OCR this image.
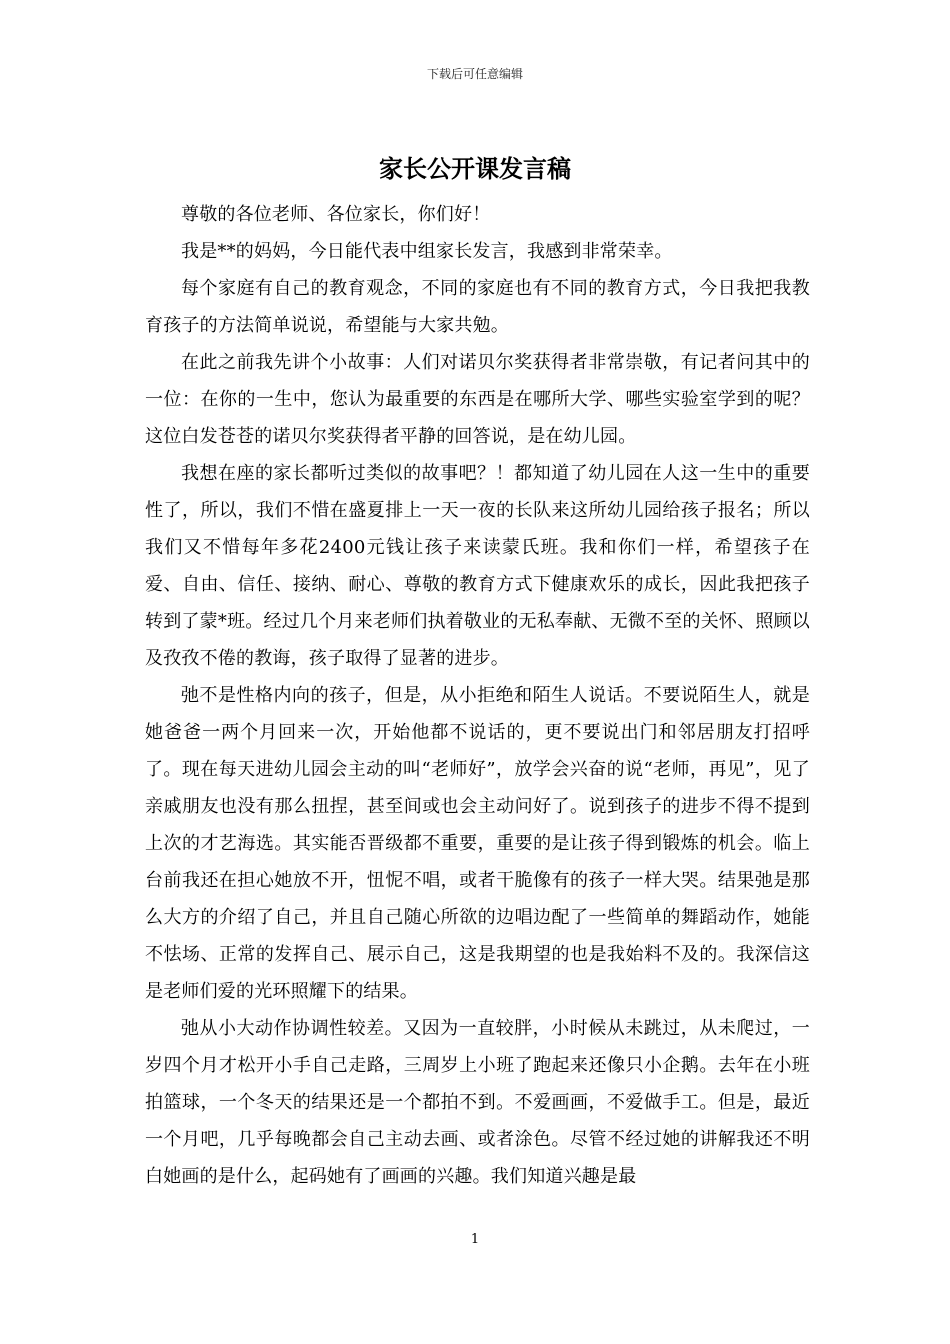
下载后可任意编辑
家长公开课发言稿

尊敬的各位老师、各位家长，你们好！

我是**的妈妈，今日能代表中组家长发言，我感到非常荣幸。

每个家庭有自己的教育观念，不同的家庭也有不同的教育方式，今日我把我教育孩子的方法简单说说，希望能与大家共勉。

在此之前我先讲个小故事：人们对诺贝尔奖获得者非常崇敬，有记者问其中的一位：在你的一生中，您认为最重要的东西是在哪所大学、哪些实验室学到的呢？这位白发苍苍的诺贝尔奖获得者平静的回答说，是在幼儿园。

我想在座的家长都听过类似的故事吧？！都知道了幼儿园在人这一生中的重要性了，所以，我们不惜在盛夏排上一天一夜的长队来这所幼儿园给孩子报名；所以我们又不惜每年多花2400元钱让孩子来读蒙氏班。我和你们一样，希望孩子在爱、自由、信任、接纳、耐心、尊敬的教育方式下健康欢乐的成长，因此我把孩子转到了蒙*班。经过几个月来老师们执着敬业的无私奉献、无微不至的关怀、照顾以及孜孜不倦的教诲，孩子取得了显著的进步。

弛不是性格内向的孩子，但是，从小拒绝和陌生人说话。不要说陌生人，就是她爸爸一两个月回来一次，开始他都不说话的，更不要说出门和邻居朋友打招呼了。现在每天进幼儿园会主动的叫“老师好”，放学会兴奋的说“老师，再见”，见了亲戚朋友也没有那么扭捏，甚至间或也会主动问好了。说到孩子的进步不得不提到上次的才艺海选。其实能否晋级都不重要，重要的是让孩子得到锻炼的机会。临上台前我还在担心她放不开，忸怩不唱，或者干脆像有的孩子一样大哭。结果弛是那么大方的介绍了自己，并且自己随心所欲的边唱边配了一些简单的舞蹈动作，她能不怯场、正常的发挥自己、展示自己，这是我期望的也是我始料不及的。我深信这是老师们爱的光环照耀下的结果。

弛从小大动作协调性较差。又因为一直较胖，小时候从未跳过，从未爬过，一岁四个月才松开小手自己走路，三周岁上小班了跑起来还像只小企鹅。去年在小班拍篮球，一个冬天的结果还是一个都拍不到。不爱画画，不爱做手工。但是，最近一个月吧，几乎每晚都会自己主动去画、或者涂色。尽管不经过她的讲解我还不明白她画的是什么，起码她有了画画的兴趣。我们知道兴趣是最

1
